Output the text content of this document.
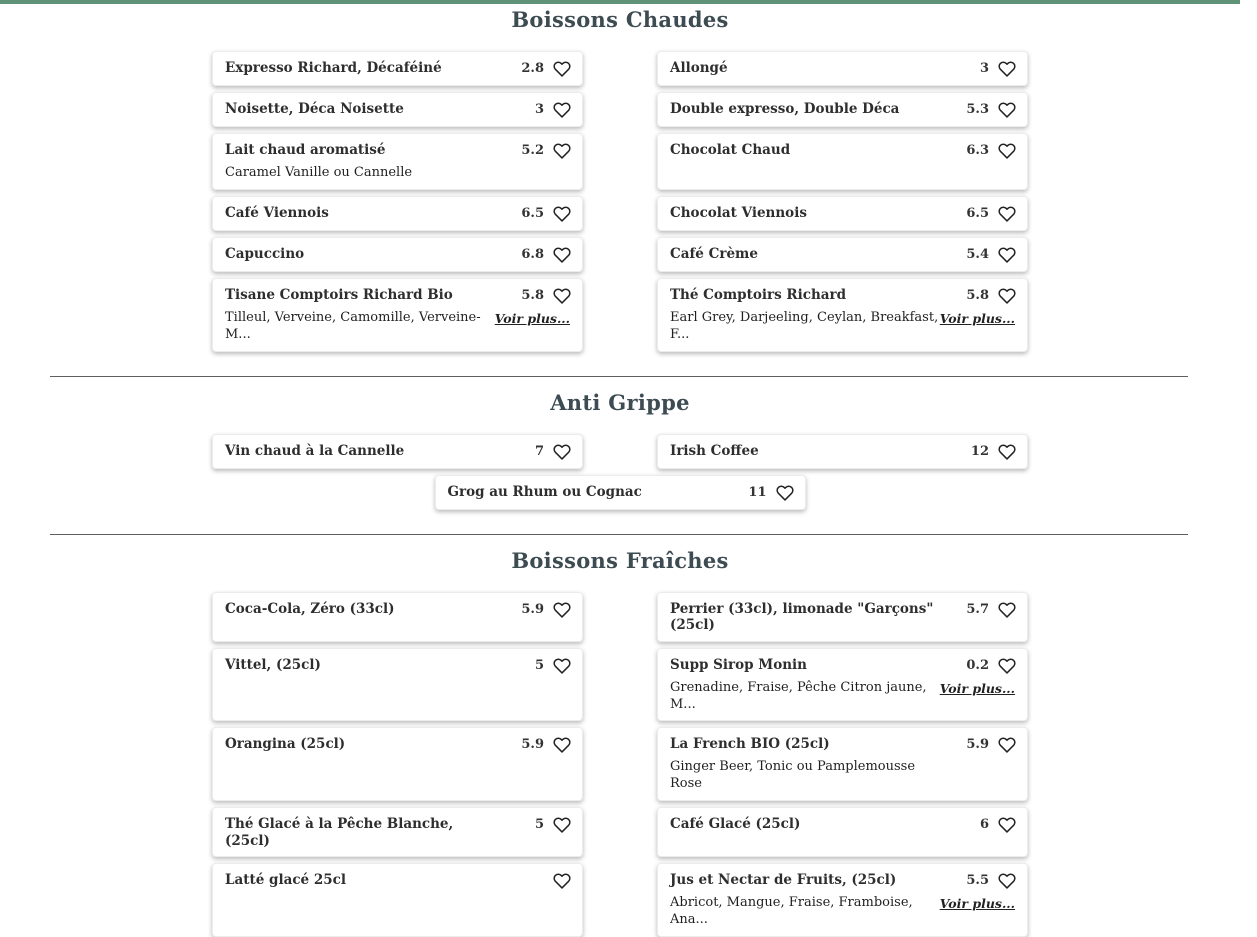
Boissons Chaudes
Expresso Richard, Décaféiné	2.8	Allongé	3
Noisette, Déca Noisette	3	Double expresso, Double Déca	5.3
Lait chaud aromatisé	5.2
Caramel Vanille ou Cannelle
Chocolat Chaud	6.3
Café Viennois	6.5	Chocolat Viennois	6.5
Capuccino	6.8	Café Crème	5.4
Tisane Comptoirs Richard Bio	5.8
Tilleul, Verveine, Camomille, Verveine-M...
Voir plus...
Thé Comptoirs Richard	5.8
Earl Grey, Darjeeling, Ceylan, Breakfast, F...
Voir plus...
Anti Grippe
Vin chaud à la Cannelle	7	Irish Coffee	12
Grog au Rhum ou Cognac	11
Boissons Fraîches
Coca-Cola, Zéro (33cl)	5.9	Perrier (33cl), limonade "Garçons" (25cl)
5.7
Vittel, (25cl)	5	Supp Sirop Monin	0.2
Grenadine, Fraise, Pêche Citron jaune, M...
Voir plus...
Orangina (25cl)	5.9	La French BIO (25cl)	5.9
Ginger Beer, Tonic ou Pamplemousse Rose
Thé Glacé à la Pêche Blanche, (25cl)
5	Café Glacé (25cl)	6
Latté glacé 25cl	Jus et Nectar de Fruits, (25cl)	5.5
Abricot, Mangue, Fraise, Framboise, Ana...
Voir plus...
